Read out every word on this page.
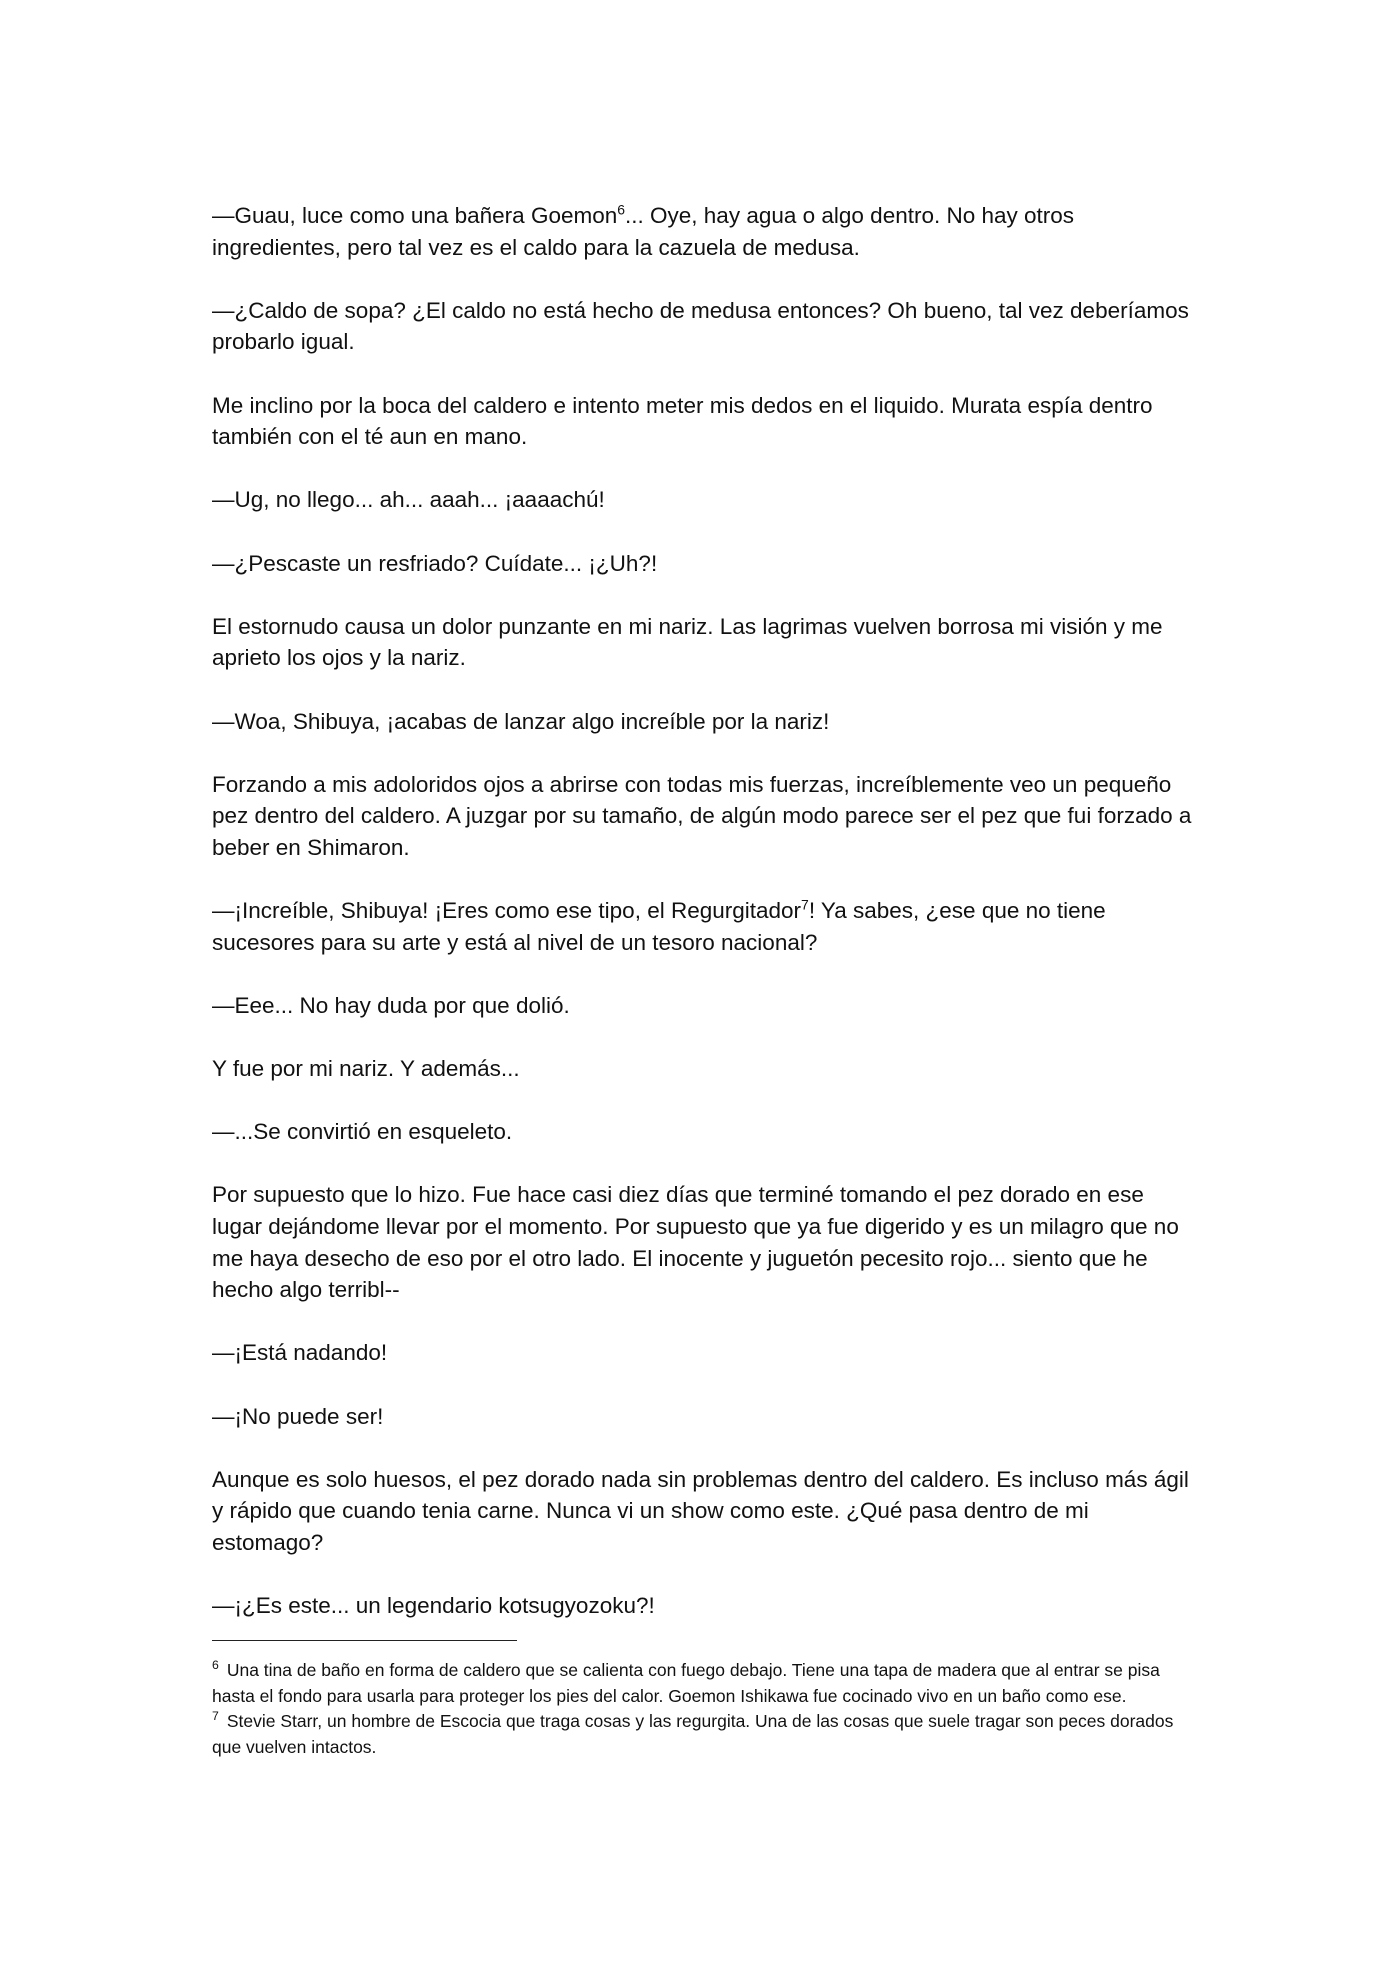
—Guau, luce como una bañera Goemon$^6$... Oye, hay agua o algo dentro. No hay otros ingredientes, pero tal vez es el caldo para la cazuela de medusa.

—¿Caldo de sopa? ¿El caldo no está hecho de medusa entonces? Oh bueno, tal vez deberíamos probarlo igual.

Me inclino por la boca del caldero e intento meter mis dedos en el liquido. Murata espía dentro también con el té aun en mano.

—Ug, no llego... ah... aaah... ¡aaaachú!

—¿Pescaste un resfriado? Cuídate... ¡¿Uh?!

El estornudo causa un dolor punzante en mi nariz. Las lagrimas vuelven borrosa mi visión y me aprieto los ojos y la nariz.

—Woa, Shibuya, ¡acabas de lanzar algo increíble por la nariz!

Forzando a mis adoloridos ojos a abrirse con todas mis fuerzas, increíblemente veo un pequeño pez dentro del caldero. A juzgar por su tamaño, de algún modo parece ser el pez que fui forzado a beber en Shimaron.

—¡Increíble, Shibuya! ¡Eres como ese tipo, el Regurgitador$^7$! Ya sabes, ¿ese que no tiene sucesores para su arte y está al nivel de un tesoro nacional?

—Eee... No hay duda por que dolió.

Y fue por mi nariz. Y además...

—...Se convirtió en esqueleto.

Por supuesto que lo hizo. Fue hace casi diez días que terminé tomando el pez dorado en ese lugar dejándome llevar por el momento. Por supuesto que ya fue digerido y es un milagro que no me haya desecho de eso por el otro lado. El inocente y juguetón pecesito rojo... siento que he hecho algo terribl--

—¡Está nadando!

—¡No puede ser!

Aunque es solo huesos, el pez dorado nada sin problemas dentro del caldero. Es incluso más ágil y rápido que cuando tenia carne. Nunca vi un show como este. ¿Qué pasa dentro de mi estomago?

—¡¿Es este... un legendario kotsugyozoku?!

$^6$ Una tina de baño en forma de caldero que se calienta con fuego debajo. Tiene una tapa de madera que al entrar se pisa hasta el fondo para usarla para proteger los pies del calor. Goemon Ishikawa fue cocinado vivo en un baño como ese.

$^7$ Stevie Starr, un hombre de Escocia que traga cosas y las regurgita. Una de las cosas que suele tragar son peces dorados que vuelven intactos.
